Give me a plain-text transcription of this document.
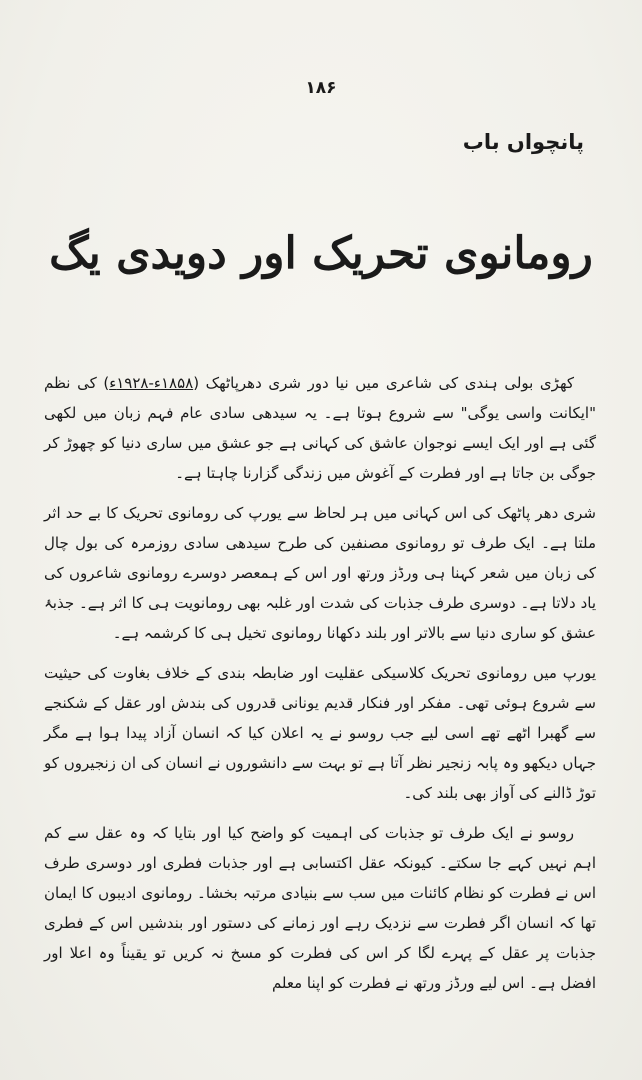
۱۸۶
پانچواں باب
رومانوی تحریک اور دویدی یگ

کھڑی بولی ہندی کی شاعری میں نیا دور شری دھرپاٹھک (۱۸۵۸ء-۱۹۲۸ء) کی نظم "ایکانت واسی یوگی" سے شروع ہوتا ہے۔ یہ سیدھی سادی عام فہم زبان میں لکھی گئی ہے اور ایک ایسے نوجوان عاشق کی کہانی ہے جو عشق میں ساری دنیا کو چھوڑ کر جوگی بن جاتا ہے اور فطرت کے آغوش میں زندگی گزارنا چاہتا ہے۔

شری دھر پاٹھک کی اس کہانی میں ہر لحاظ سے یورپ کی رومانوی تحریک کا بے حد اثر ملتا ہے۔ ایک طرف تو رومانوی مصنفین کی طرح سیدھی سادی روزمرہ کی بول چال کی زبان میں شعر کہنا ہی ورڈز ورتھ اور اس کے ہمعصر دوسرے رومانوی شاعروں کی یاد دلاتا ہے۔ دوسری طرف جذبات کی شدت اور غلبہ بھی رومانویت ہی کا اثر ہے۔ جذبۂ عشق کو ساری دنیا سے بالاتر اور بلند دکھانا رومانوی تخیل ہی کا کرشمہ ہے۔

یورپ میں رومانوی تحریک کلاسیکی عقلیت اور ضابطہ بندی کے خلاف بغاوت کی حیثیت سے شروع ہوئی تھی۔ مفکر اور فنکار قدیم یونانی قدروں کی بندش اور عقل کے شکنجے سے گھبرا اٹھے تھے اسی لیے جب روسو نے یہ اعلان کیا کہ انسان آزاد پیدا ہوا ہے مگر جہاں دیکھو وہ پابہ زنجیر نظر آتا ہے تو بہت سے دانشوروں نے انسان کی ان زنجیروں کو توڑ ڈالنے کی آواز بھی بلند کی۔

روسو نے ایک طرف تو جذبات کی اہمیت کو واضح کیا اور بتایا کہ وہ عقل سے کم اہم نہیں کہے جا سکتے۔ کیونکہ عقل اکتسابی ہے اور جذبات فطری اور دوسری طرف اس نے فطرت کو نظام کائنات میں سب سے بنیادی مرتبہ بخشا۔ رومانوی ادیبوں کا ایمان تھا کہ انسان اگر فطرت سے نزدیک رہے اور زمانے کی دستور اور بندشیں اس کے فطری جذبات پر عقل کے پہرے لگا کر اس کی فطرت کو مسخ نہ کریں تو یقیناً وہ اعلا اور افضل ہے۔ اس لیے ورڈز ورتھ نے فطرت کو اپنا معلم
